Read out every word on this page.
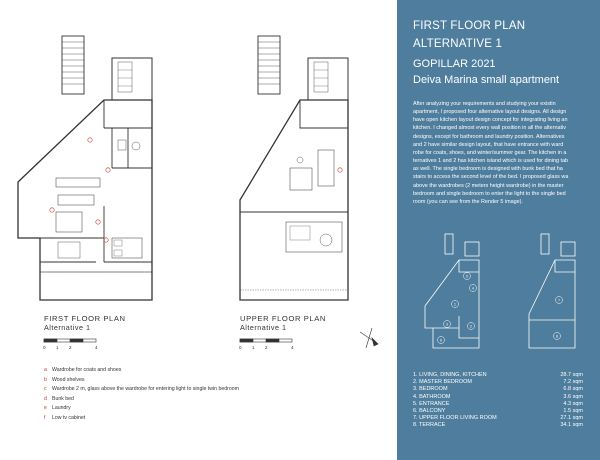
FIRST FLOOR PLAN
Alternative 1
UPPER FLOOR PLAN
Alternative 1
0 1 2	4	0 1 2	4
a Wardrobe for coats and shoes
b Wood shelves
c Wardrobe 2 m, glass above the wardrobe for entering light to single twin bedroom
d Bunk bed
e Laundry
f Low tv cabinet
FIRST FLOOR PLAN
ALTERNATIVE 1
GOPILLAR 2021
Deiva Marina small apartment
After analyzing your requirements and studying your existin
apartment, I proposed four alternative layout designs. All design
have open kitchen layout design concept for integrating living an
kitchen. I changed almost every wall position in all the alternativ
designs, except for bathroom and laundry position. Alternatives
and 2 have similar design layout, that have entrance with ward
robe for coats, shoes, and winter/summer gear. The kitchen in a
ternatives 1 and 2 has kitchen island which is used for dining tab
as well. The single bedroom is designed with bunk bed that ha
stairs to access the second level of the bed. I proposed glass wa
above the wardrobes (2 meters height wardrobe) in the master
bedroom and single bedroom to enter the light to the single bed
room (you can see from the Render 5 image).
5
4
3
1
2
6
7
8
1. LIVING, DINING, KITCHEN	28.7 sqm
2. MASTER BEDROOM	7.2 sqm
3. BEDROOM	6.8 sqm
4. BATHROOM	3.6 sqm
5. ENTRANCE	4.3 sqm
6. BALCONY	1.5 sqm
7. UPPER FLOOR LIVING ROOM	27.1 sqm
8. TERRACE	34.1 sqm
